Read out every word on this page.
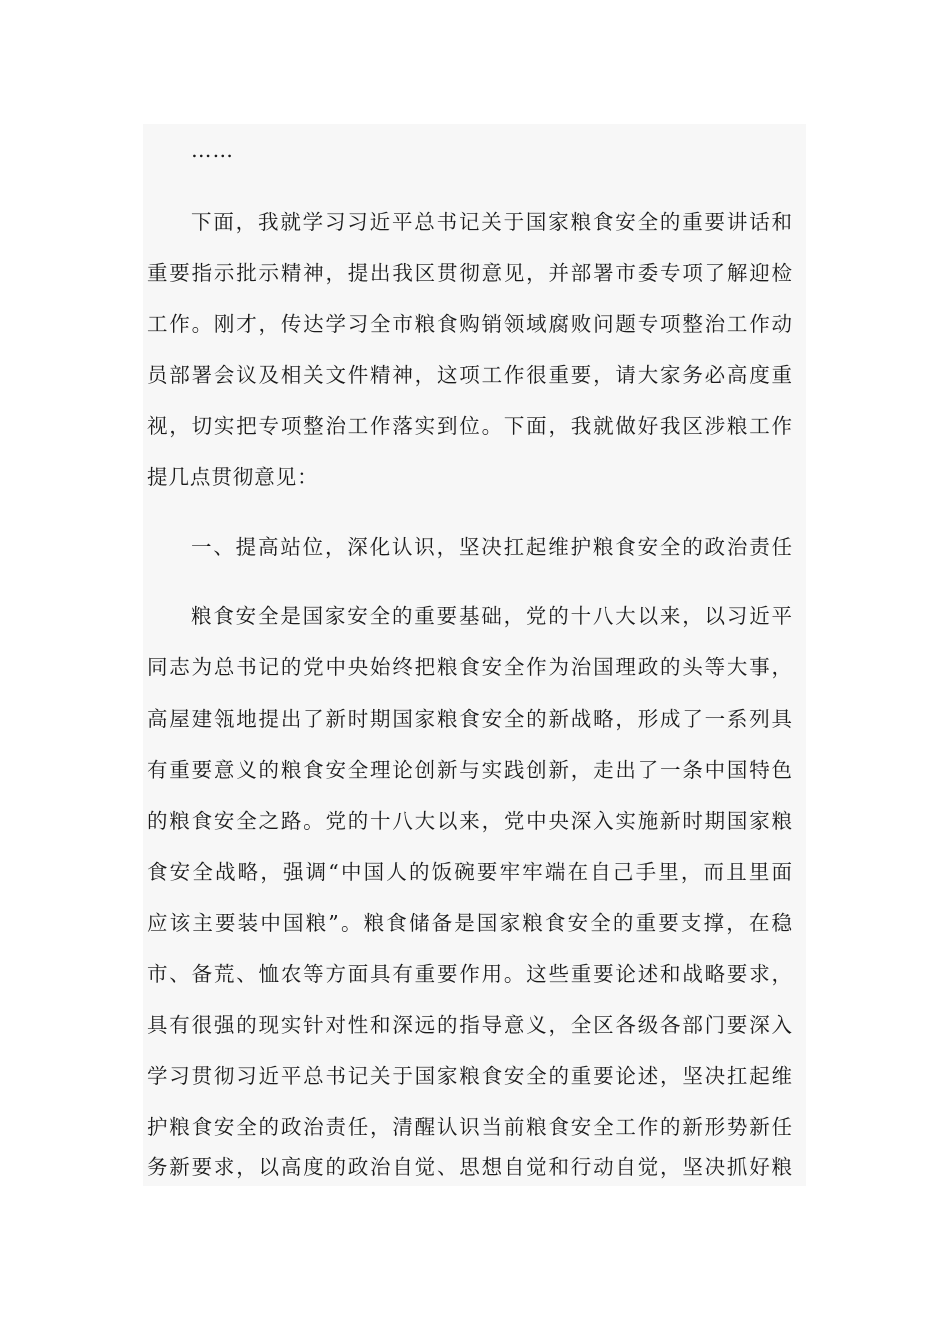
……
下面，我就学习习近平总书记关于国家粮食安全的重要讲话和
重要指示批示精神，提出我区贯彻意见，并部署市委专项了解迎检
工作。刚才，传达学习全市粮食购销领域腐败问题专项整治工作动
员部署会议及相关文件精神，这项工作很重要，请大家务必高度重
视，切实把专项整治工作落实到位。下面，我就做好我区涉粮工作
提几点贯彻意见：
一、提高站位，深化认识，坚决扛起维护粮食安全的政治责任
粮食安全是国家安全的重要基础，党的十八大以来，以习近平
同志为总书记的党中央始终把粮食安全作为治国理政的头等大事，
高屋建瓴地提出了新时期国家粮食安全的新战略，形成了一系列具
有重要意义的粮食安全理论创新与实践创新，走出了一条中国特色
的粮食安全之路。党的十八大以来，党中央深入实施新时期国家粮
食安全战略，强调“中国人的饭碗要牢牢端在自己手里，而且里面
应该主要装中国粮”。粮食储备是国家粮食安全的重要支撑，在稳
市、备荒、恤农等方面具有重要作用。这些重要论述和战略要求，
具有很强的现实针对性和深远的指导意义，全区各级各部门要深入
学习贯彻习近平总书记关于国家粮食安全的重要论述，坚决扛起维
护粮食安全的政治责任，清醒认识当前粮食安全工作的新形势新任
务新要求，以高度的政治自觉、思想自觉和行动自觉，坚决抓好粮
